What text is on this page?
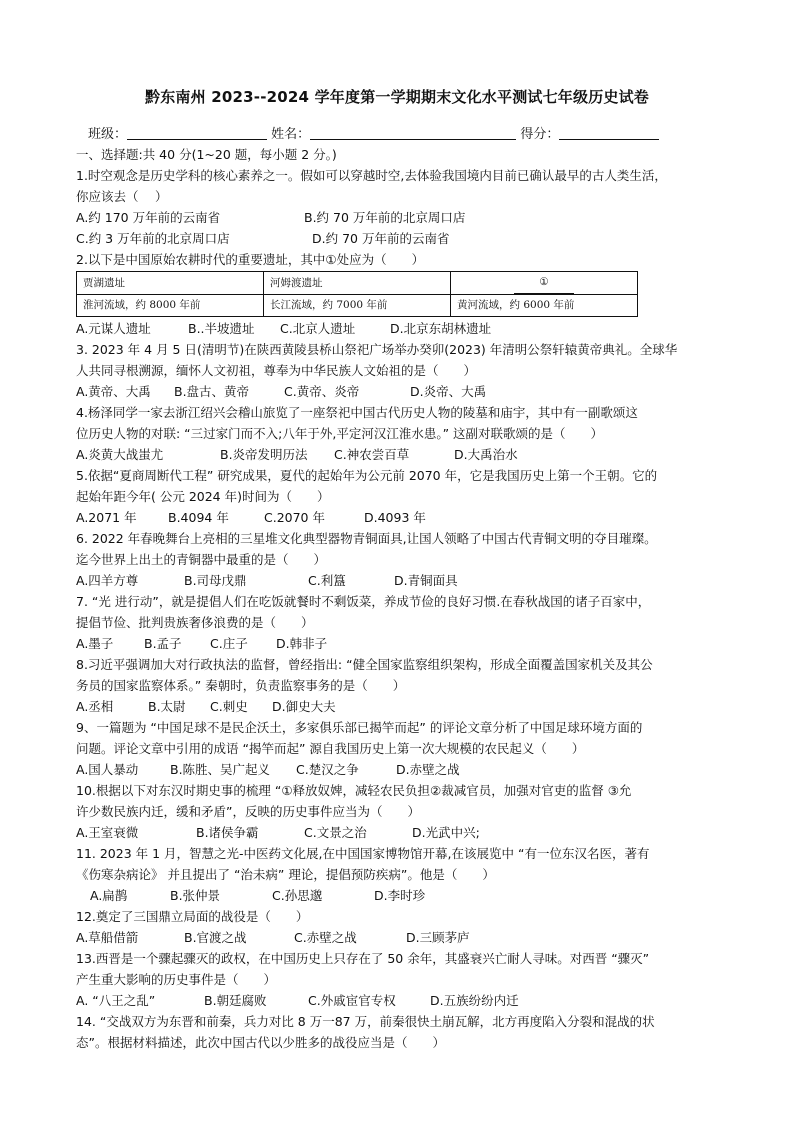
黔东南州 2023--2024 学年度第一学期期末文化水平测试七年级历史试卷
班级：	姓名：	得分：
一、选择题:共 40 分(1~20 题，每小题 2 分。)
1.时空观念是历史学科的核心素养之一。假如可以穿越时空,去体验我国境内目前已确认最早的古人类生活，
你应该去（　 ）
A.约 170 万年前的云南省	B.约 70 万年前的北京周口店
C.约 3 万年前的北京周口店	D.约 70 万年前的云南省
2.以下是中国原始农耕时代的重要遗址，其中①处应为（　　）
贾湖遗址	河姆渡遗址	①
淮河流域，约 8000 年前	长江流域，约 7000 年前	黄河流域，约 6000 年前
A.元谋人遗址	B..半坡遗址 C.北京人遗址	D.北京东胡林遗址
3. 2023 年 4 月 5 日(清明节)在陕西黄陵县桥山祭祀广场举办癸卯(2023) 年清明公祭轩辕黄帝典礼。全球华
人共同寻根溯源，缅怀人文初祖，尊奉为中华民族人文始祖的是（　　）
A.黄帝、大禹 B.盘古、黄帝	C.黄帝、炎帝	D.炎帝、大禹
4.杨泽同学一家去浙江绍兴会稽山旅览了一座祭祀中国古代历史人物的陵墓和庙宇，其中有一副歌颂这
位历史人物的对联: “三过家门而不入;八年于外,平定河汉江淮水患。” 这副对联歌颂的是（　　）
A.炎黄大战蚩尤	B.炎帝发明历法 C.神农尝百草	D.大禹治水
5.依据“夏商周断代工程” 研究成果，夏代的起始年为公元前 2070 年，它是我国历史上第一个王朝。它的
起始年距今年( 公元 2024 年)时间为（　　）
A.2071 年	B.4094 年	C.2070 年	D.4093 年
6. 2022 年春晚舞台上亮相的三星堆文化典型器物青铜面具,让国人领略了中国古代青铜文明的夺目璀璨。
迄今世界上出土的青铜器中最重的是（　　）
A.四羊方尊	B.司母戊鼎	C.利簋	D.青铜面具
7. “光 进行动”，就是提倡人们在吃饭就餐时不剩饭菜，养成节俭的良好习惯.在春秋战国的诸子百家中，
提倡节俭、批判贵族奢侈浪费的是（　　）
A.墨子 B.孟子 C.庄子 D.韩非子
8.习近平强调加大对行政执法的监督，曾经指出: “健全国家监察组织架构，形成全面覆盖国家机关及其公
务员的国家监察体系。” 秦朝时，负责监察事务的是（　　）
A.丞相	B.太尉 C.刺史 D.御史大夫
9、一篇题为 “中国足球不是民企沃土，多家俱乐部已揭竿而起” 的评论文章分析了中国足球环境方面的
问题。评论文章中引用的成语 “揭竿而起” 源自我国历史上第一次大规模的农民起义（　　）
A.国人暴动	B.陈胜、吴广起义 C.楚汉之争	D.赤壁之战
10.根据以下对东汉时期史事的梳理 “①释放奴婢，减轻农民负担②裁减官员，加强对官吏的监督 ③允
许少数民族内迁，缓和矛盾”，反映的历史事件应当为（　　）
A.王室衰微	B.诸侯争霸	C.文景之治	D.光武中兴;
11. 2023 年 1 月，智慧之光-中医药文化展,在中国国家博物馆开幕,在该展览中 “有一位东汉名医，著有
《伤寒杂病论》 并且提出了 “治未病” 理论，提倡预防疾病”。他是（　　）
A.扁鹊	B.张仲景	C.孙思邈	D.李时珍
12.奠定了三国鼎立局面的战役是（　　）
A.草船借箭	B.官渡之战	C.赤壁之战	D.三顾茅庐
13.西晋是一个骤起骤灭的政权，在中国历史上只存在了 50 余年，其盛衰兴亡耐人寻味。对西晋 “骤灭”
产生重大影响的历史事件是（　　）
A. “八王之乱”	B.朝廷腐败	C.外戚宦官专权	D.五族纷纷内迁
14. “交战双方为东晋和前秦，兵力对比 8 万一87 万，前秦很快土崩瓦解，北方再度陷入分裂和混战的状
态”。根据材料描述，此次中国古代以少胜多的战役应当是（　　）
